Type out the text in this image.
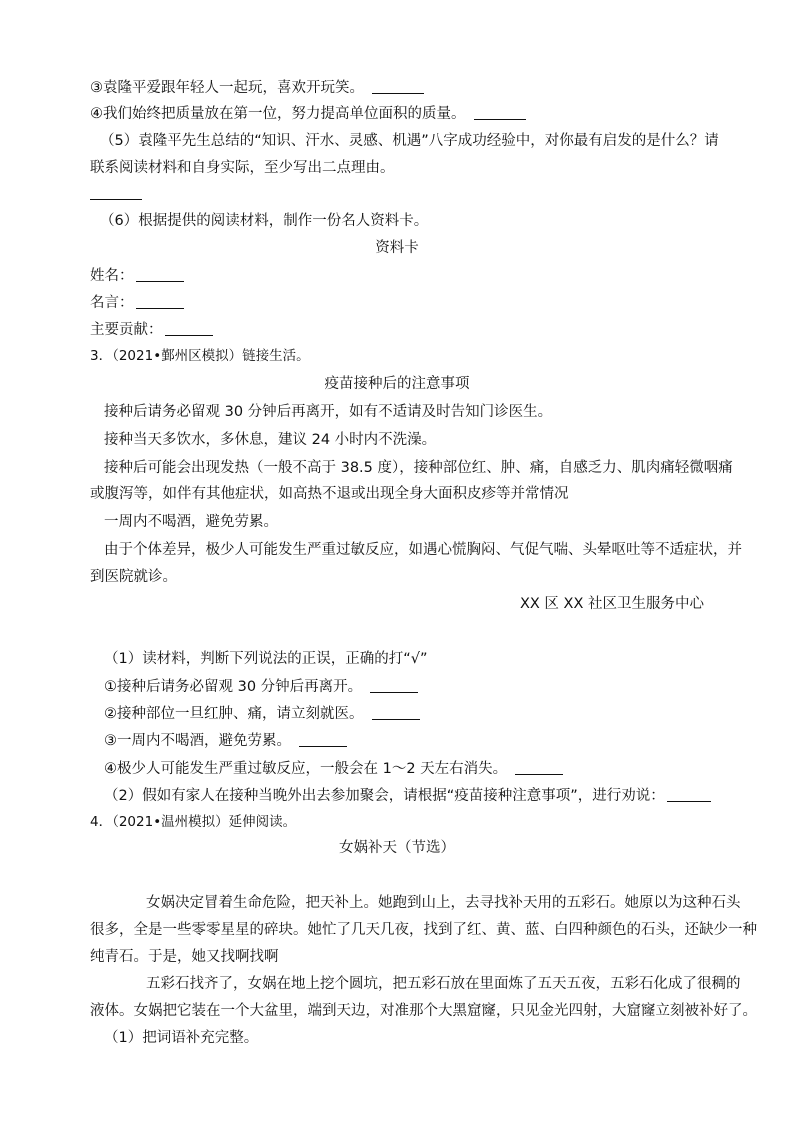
③袁隆平爱跟年轻人一起玩，喜欢开玩笑。
④我们始终把质量放在第一位，努力提高单位面积的质量。
（5）袁隆平先生总结的“知识、汗水、灵感、机遇”八字成功经验中，对你最有启发的是什么？请
联系阅读材料和自身实际，至少写出二点理由。
（6）根据提供的阅读材料，制作一份名人资料卡。
资料卡
姓名：
名言：
主要贡献：
3．（2021•鄞州区模拟）链接生活。
疫苗接种后的注意事项
接种后请务必留观 30 分钟后再离开，如有不适请及时告知门诊医生。
接种当天多饮水，多休息，建议 24 小时内不洗澡。
接种后可能会出现发热（一般不高于 38.5 度），接种部位红、肿、痛，自感乏力、肌肉痛轻微咽痛
或腹泻等，如伴有其他症状，如高热不退或出现全身大面积皮疹等并常情况
一周内不喝酒，避免劳累。
由于个体差异，极少人可能发生严重过敏反应，如遇心慌胸闷、气促气喘、头晕呕吐等不适症状，并
到医院就诊。
XX 区 XX 社区卫生服务中心
（1）读材料，判断下列说法的正误，正确的打“√”
①接种后请务必留观 30 分钟后再离开。
②接种部位一旦红肿、痛，请立刻就医。
③一周内不喝酒，避免劳累。
④极少人可能发生严重过敏反应，一般会在 1～2 天左右消失。
（2）假如有家人在接种当晚外出去参加聚会，请根据“疫苗接种注意事项”，进行劝说：
4．（2021•温州模拟）延伸阅读。
女娲补天（节选）
女娲决定冒着生命危险，把天补上。她跑到山上，去寻找补天用的五彩石。她原以为这种石头
很多，全是一些零零星星的碎块。她忙了几天几夜，找到了红、黄、蓝、白四种颜色的石头，还缺少一种
纯青石。于是，她又找啊找啊
五彩石找齐了，女娲在地上挖个圆坑，把五彩石放在里面炼了五天五夜，五彩石化成了很稠的
液体。女娲把它装在一个大盆里，端到天边，对准那个大黑窟窿，只见金光四射，大窟窿立刻被补好了。
（1）把词语补充完整。
